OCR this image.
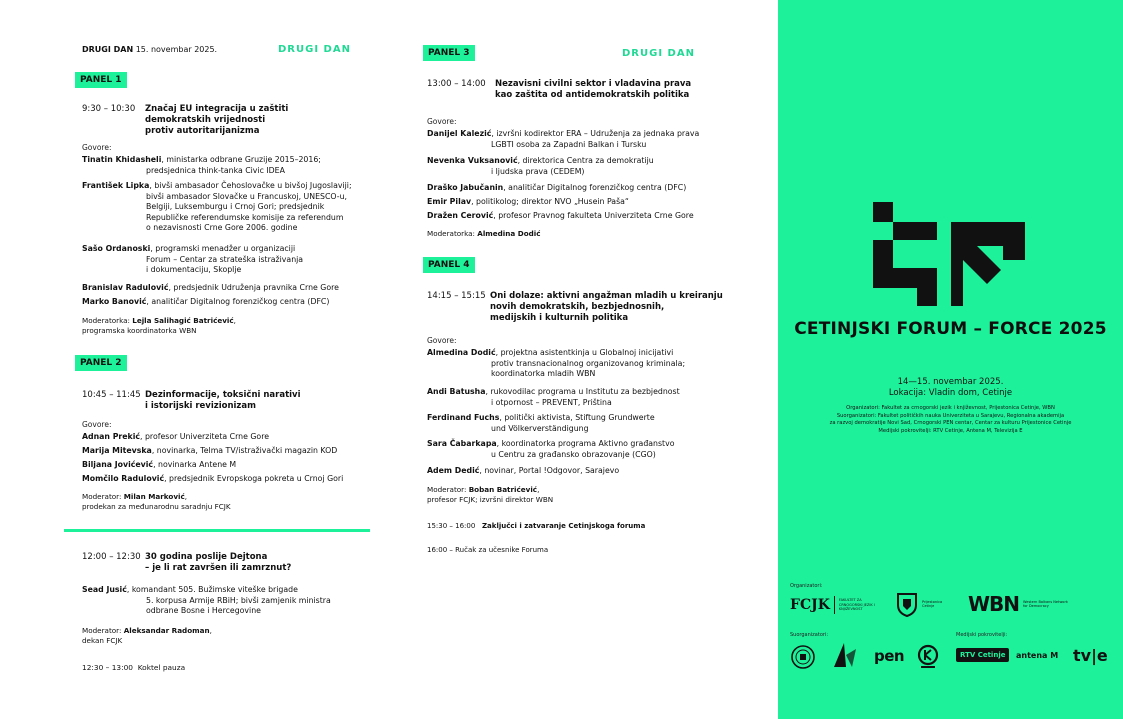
DRUGI DAN 15. novembar 2025.	DRUGI DAN
PANEL 1
9:30 – 10:30 Značaj EU integracija u zaštiti
demokratskih vrijednosti
protiv autoritarijanizma
Govore:
Tinatin Khidasheli, ministarka odbrane Gruzije 2015–2016;
predsjednica think-tanka Civic IDEA
František Lipka, bivši ambasador Čehoslovačke u bivšoj Jugoslaviji;
bivši ambasador Slovačke u Francuskoj, UNESCO-u,
Belgiji, Luksemburgu i Crnoj Gori; predsjednik
Republičke referendumske komisije za referendum
o nezavisnosti Crne Gore 2006. godine
Sašo Ordanoski, programski menadžer u organizaciji
Forum – Centar za strateška istraživanja
i dokumentaciju, Skoplje
Branislav Radulović, predsjednik Udruženja pravnika Crne Gore
Marko Banović, analitičar Digitalnog forenzičkog centra (DFC)
Moderatorka: Lejla Salihagić Batrićević,
programska koordinatorka WBN
PANEL 2
10:45 – 11:45 Dezinformacije, toksični narativi
i istorijski revizionizam
Govore:
Adnan Prekić, profesor Univerziteta Crne Gore
Marija Mitevska, novinarka, Telma TV/istraživački magazin KOD
Biljana Jovićević, novinarka Antene M
Momčilo Radulović, predsjednik Evropskoga pokreta u Crnoj Gori
Moderator: Milan Marković,
prodekan za međunarodnu saradnju FCJK
12:00 – 12:30 30 godina poslije Dejtona
– je li rat završen ili zamrznut?
Sead Jusić, komandant 505. Bužimske viteške brigade
5. korpusa Armije RBiH; bivši zamjenik ministra
odbrane Bosne i Hercegovine
Moderator: Aleksandar Radoman,
dekan FCJK
12:30 – 13:00 Koktel pauza
PANEL 3	DRUGI DAN
13:00 – 14:00 Nezavisni civilni sektor i vladavina prava
kao zaštita od antidemokratskih politika
Govore:
Danijel Kalezić, izvršni kodirektor ERA – Udruženja za jednaka prava
LGBTI osoba za Zapadni Balkan i Tursku
Nevenka Vuksanović, direktorica Centra za demokratiju
i ljudska prava (CEDEM)
Draško Jabučanin, analitičar Digitalnog forenzičkog centra (DFC)
Emir Pilav, politikolog; direktor NVO „Husein Paša“
Dražen Cerović, profesor Pravnog fakulteta Univerziteta Crne Gore
Moderatorka: Almedina Dodić
PANEL 4
14:15 – 15:15 Oni dolaze: aktivni angažman mladih u kreiranju
novih demokratskih, bezbjednosnih,
medijskih i kulturnih politika
Govore:
Almedina Dodić, projektna asistentkinja u Globalnoj inicijativi
protiv transnacionalnog organizovanog kriminala;
koordinatorka mladih WBN
Andi Batusha, rukovodilac programa u Institutu za bezbjednost
i otpornost – PREVENT, Priština
Ferdinand Fuchs, politički aktivista, Stiftung Grundwerte
und Völkerverständigung
Sara Čabarkapa, koordinatorka programa Aktivno građanstvo
u Centru za građansko obrazovanje (CGO)
Adem Dedić, novinar, Portal !Odgovor, Sarajevo
Moderator: Boban Batrićević,
profesor FCJK; izvršni direktor WBN
15:30 – 16:00 Zaključci i zatvaranje Cetinjskoga foruma
16:00 – Ručak za učesnike Foruma
CETINJSKI FORUM – FORCE 2025
14—15. novembar 2025.
Lokacija: Vladin dom, Cetinje
Organizatori: Fakultet za crnogorski jezik i književnost, Prijestonica Cetinje, WBN
Suorganizatori: Fakultet političkih nauka Univerziteta u Sarajevu, Regionalna akademija
za razvoj demokratije Novi Sad, Crnogorski PEN centar, Centar za kulturu Prijestonice Cetinje
Medijski pokrovitelji: RTV Cetinje, Antena M, Televizija E
Organizatori:
Suorganizatori:	Medijski pokrovitelji:
FCJK	FAKULTET ZA CRNOGORSKI JEZIK I KNJIŽEVNOST
Prijestonica Cetinje	WBN Western Balkans Network for Democracy
pen	RTV Cetinje	antena M tv|e
